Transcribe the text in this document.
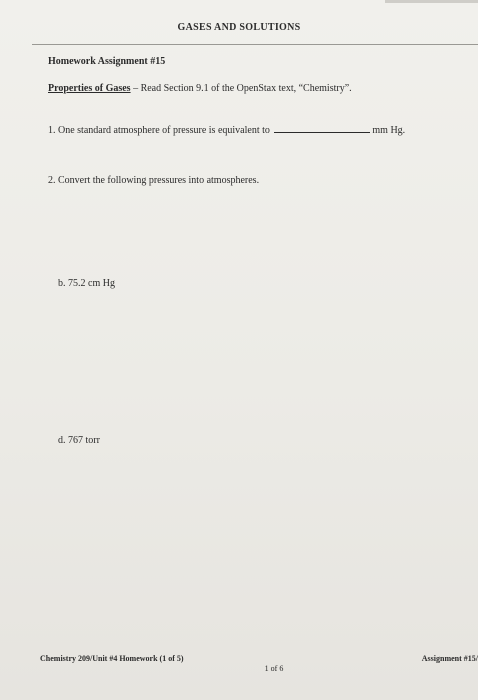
GASES AND SOLUTIONS
Homework Assignment #15
Properties of Gases – Read Section 9.1 of the OpenStax text, “Chemistry”.
1. One standard atmosphere of pressure is equivalent to	mm Hg.
2. Convert the following pressures into atmospheres.
b. 75.2 cm Hg
d. 767 torr
Chemistry 209/Unit #4 Homework (1 of 5)	Assignment #15/
1 of 6
